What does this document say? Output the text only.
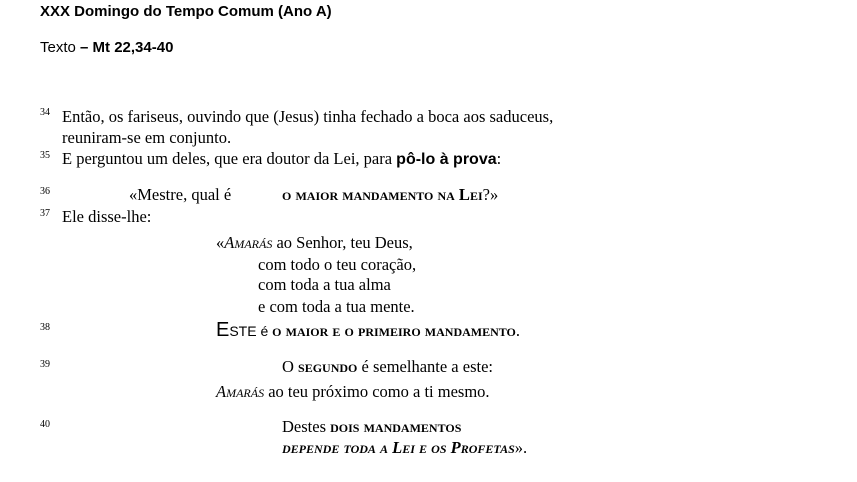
XXX Domingo do Tempo Comum (Ano A)
Texto – Mt 22,34-40
34 Então, os fariseus, ouvindo que (Jesus) tinha fechado a boca aos saduceus,
reuniram-se em conjunto.
35 E perguntou um deles, que era doutor da Lei, para pô-lo à prova:
36	«Mestre, qual é	o maior mandamento na Lei?»
37 Ele disse-lhe:
«Amarás ao Senhor, teu Deus,
com todo o teu coração,
com toda a tua alma
e com toda a tua mente.
38	Este é o maior e o primeiro mandamento.
39	O segundo é semelhante a este:
Amarás ao teu próximo como a ti mesmo.
40	Destes dois mandamentos
depende toda a Lei e os Profetas».
